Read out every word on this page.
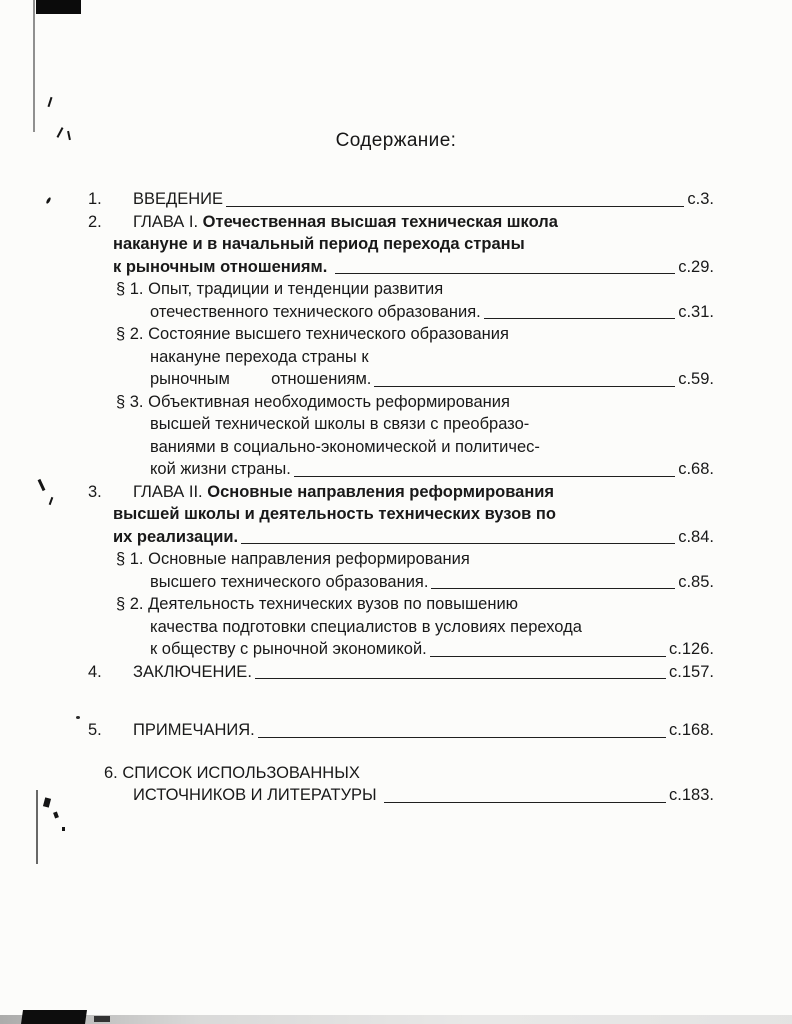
Содержание:
1.	ВВЕДЕНИЕ	с.3.
2.	ГЛАВА I. Отечественная высшая техническая школа
накануне и в начальный период перехода страны
к рыночным отношениям.	с.29.
§ 1. Опыт, традиции и тенденции развития
отечественного технического образования.	с.31.
§ 2. Состояние высшего технического образования
накануне перехода страны к
рыночным         отношениям.	с.59.
§ 3. Объективная необходимость реформирования
высшей технической школы в связи с преобразо-
ваниями в социально-экономической и политичес-
кой жизни страны.	с.68.
3.	ГЛАВА II. Основные направления реформирования
высшей школы и деятельность технических вузов по
их реализации.	с.84.
§ 1. Основные направления реформирования
высшего технического образования.	с.85.
§ 2. Деятельность технических вузов по повышению
качества подготовки специалистов в условиях перехода
к обществу с рыночной экономикой.	с.126.
4.	ЗАКЛЮЧЕНИЕ.	с.157.
5.	ПРИМЕЧАНИЯ.	с.168.
6. СПИСОК ИСПОЛЬЗОВАННЫХ
ИСТОЧНИКОВ И ЛИТЕРАТУРЫ	с.183.
